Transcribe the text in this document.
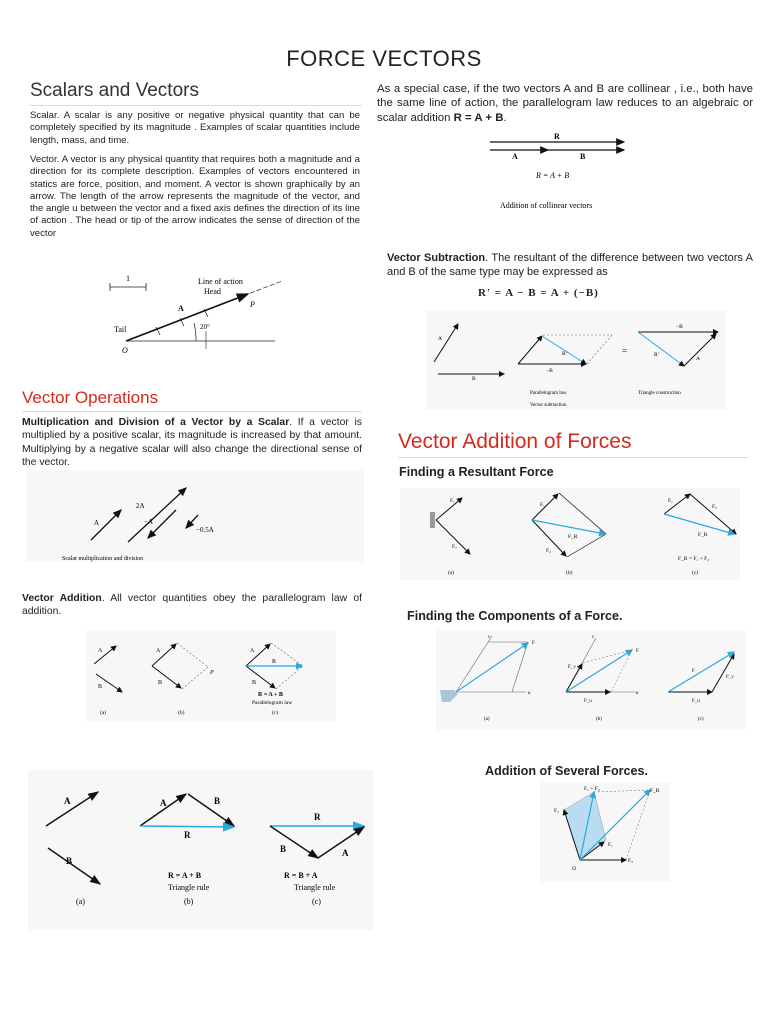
FORCE VECTORS
Scalars and Vectors
Scalar. A scalar is any positive or negative physical quantity that can be completely specified by its magnitude . Examples of scalar quantities include length, mass, and time.
Vector. A vector is any physical quantity that requires both a magnitude and a direction for its complete description. Examples of vectors encountered in statics are force, position, and moment. A vector is shown graphically by an arrow. The length of the arrow represents the magnitude of the vector, and the angle u between the vector and a fixed axis defines the direction of its line of action . The head or tip of the arrow indicates the sense of direction of the vector
1	Line of action
Head
P
A
Tail
O
20°
Vector Operations
Multiplication and Division of a Vector by a Scalar. If a vector is multiplied by a positive scalar, its magnitude is increased by that amount. Multiplying by a negative scalar will also change the directional sense of the vector.
A
2A
−A
−0.5A
Scalar multiplication and division
Vector Addition. All vector quantities obey the parallelogram law of addition.
A
B
A
B
P
A
B
R
R = A + B
Parallelogram law
(a)	(b)	(c)
A
B
(a)
A	B
R
R = A + B
Triangle rule
(b)
R
B	A
R = B + A
Triangle rule
(c)
As a special case, if the two vectors A and B are collinear , i.e., both have the same line of action, the parallelogram law reduces to an algebraic or scalar addition R = A + B.
R
A	B
R = A + B
Addition of collinear vectors
Vector Subtraction. The resultant of the difference between two vectors A and B of the same type may be expressed as
R′ = A − B = A + (−B)
A
B
−B
R′	=
−B
R′
A
Parallelogram law	Triangle construction
Vector subtraction
Vector Addition of Forces
Finding a Resultant Force
F₁
F₂
(a)
F₁
F₂
F_R
(b)
F₁
F₂
F_R
F_R = F₁ + F₂
(c)
Finding the Components of a Force.
v
u
F
(a)
v
u
F
F_v
F_u
(b)
F
F_v
F_u
(c)
Addition of Several Forces.
F₁ + F₂	F_R
F₂
F₁
F₃
O
